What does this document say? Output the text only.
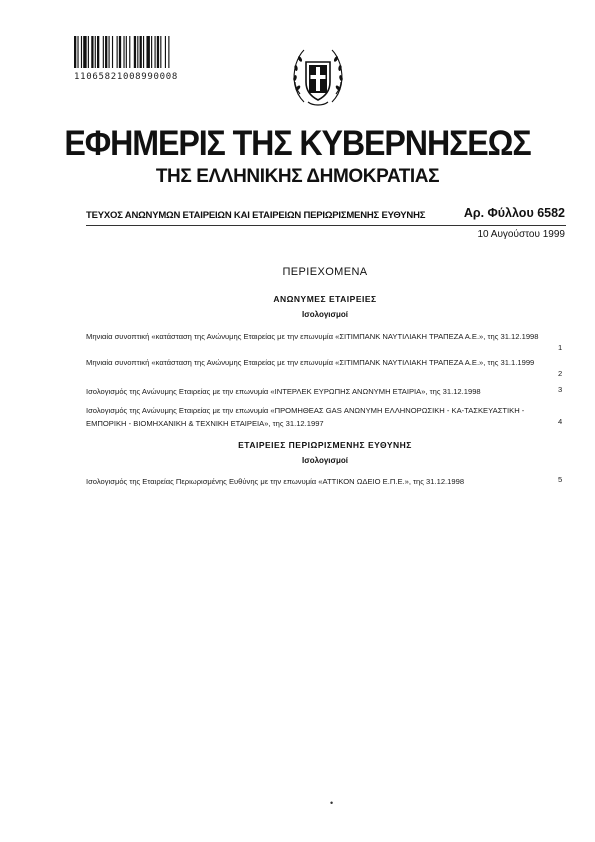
11065821008990008
ΕΦΗΜΕΡΙΣ ΤΗΣ ΚΥΒΕΡΝΗΣΕΩΣ
ΤΗΣ ΕΛΛΗΝΙΚΗΣ ΔΗΜΟΚΡΑΤΙΑΣ
ΤΕΥΧΟΣ ΑΝΩΝΥΜΩΝ ΕΤΑΙΡΕΙΩΝ ΚΑΙ ΕΤΑΙΡΕΙΩΝ ΠΕΡΙΩΡΙΣΜΕΝΗΣ ΕΥΘΥΝΗΣ	Αρ. Φύλλου 6582
10 Αυγούστου 1999
ΠΕΡΙΕΧΟΜΕΝΑ
ΑΝΩΝΥΜΕΣ ΕΤΑΙΡΕΙΕΣ
Ισολογισμοί
Μηνιαία συνοπτική «κατάσταση της Ανώνυμης Εταιρείας με την επωνυμία «ΣΙΤΙΜΠΑΝΚ ΝΑΥΤΙΛΙΑΚΗ ΤΡΑΠΕΖΑ Α.Ε.», της 31.12.1998
1
Μηνιαία συνοπτική «κατάσταση της Ανώνυμης Εταιρείας με την επωνυμία «ΣΙΤΙΜΠΑΝΚ ΝΑΥΤΙΛΙΑΚΗ ΤΡΑΠΕΖΑ Α.Ε.», της 31.1.1999
2
Ισολογισμός της Ανώνυμης Εταιρείας με την επωνυμία «ΙΝΤΕΡΛΕΚ ΕΥΡΩΠΗΣ ΑΝΩΝΥΜΗ ΕΤΑΙΡΙΑ», της 31.12.1998	3
Ισολογισμός της Ανώνυμης Εταιρείας με την επωνυμία «ΠΡΟΜΗΘΕΑΣ GAS ΑΝΩΝΥΜΗ ΕΛΛΗΝΟΡΩΣΙΚΗ - ΚΑ-ΤΑΣΚΕΥΑΣΤΙΚΗ - ΕΜΠΟΡΙΚΗ - ΒΙΟΜΗΧΑΝΙΚΗ & ΤΕΧΝΙΚΗ ΕΤΑΙΡΕΙΑ», της 31.12.1997	4
ΕΤΑΙΡΕΙΕΣ ΠΕΡΙΩΡΙΣΜΕΝΗΣ ΕΥΘΥΝΗΣ
Ισολογισμοί
Ισολογισμός της Εταιρείας Περιωρισμένης Ευθύνης με την επωνυμία «ΑΤΤΙΚΟΝ ΩΔΕΙΟ Ε.Π.Ε.», της 31.12.1998	5
•
